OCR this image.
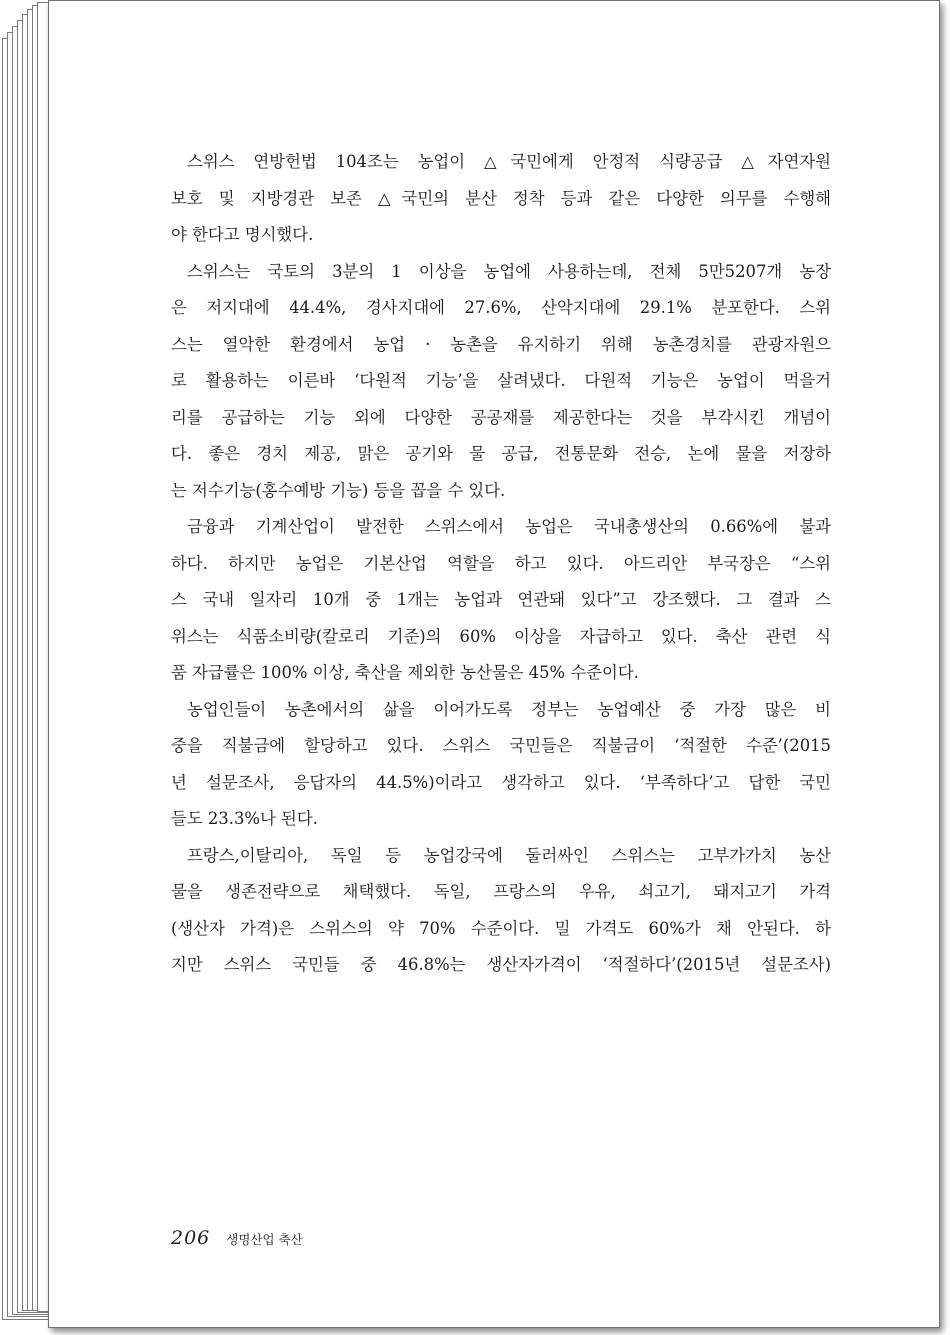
스위스 연방헌법 104조는 농업이 △국민에게 안정적 식량공급 △자연자원
보호 및 지방경관 보존 △국민의 분산 정착 등과 같은 다양한 의무를 수행해
야 한다고 명시했다.
스위스는 국토의 3분의 1 이상을 농업에 사용하는데, 전체 5만5207개 농장
은 저지대에 44.4%, 경사지대에 27.6%, 산악지대에 29.1% 분포한다. 스위
스는 열악한 환경에서 농업 · 농촌을 유지하기 위해 농촌경치를 관광자원으
로 활용하는 이른바 ‘다원적 기능’을 살려냈다. 다원적 기능은 농업이 먹을거
리를 공급하는 기능 외에 다양한 공공재를 제공한다는 것을 부각시킨 개념이
다. 좋은 경치 제공, 맑은 공기와 물 공급, 전통문화 전승, 논에 물을 저장하
는 저수기능(홍수예방 기능) 등을 꼽을 수 있다.
금융과 기계산업이 발전한 스위스에서 농업은 국내총생산의 0.66%에 불과
하다. 하지만 농업은 기본산업 역할을 하고 있다. 아드리안 부국장은 “스위
스 국내 일자리 10개 중 1개는 농업과 연관돼 있다”고 강조했다. 그 결과 스
위스는 식품소비량(칼로리 기준)의 60% 이상을 자급하고 있다. 축산 관련 식
품 자급률은 100% 이상, 축산을 제외한 농산물은 45% 수준이다.
농업인들이 농촌에서의 삶을 이어가도록 정부는 농업예산 중 가장 많은 비
중을 직불금에 할당하고 있다. 스위스 국민들은 직불금이 ‘적절한 수준’(2015
년 설문조사, 응답자의 44.5%)이라고 생각하고 있다. ‘부족하다’고 답한 국민
들도 23.3%나 된다.
프랑스,이탈리아, 독일 등 농업강국에 둘러싸인 스위스는 고부가가치 농산
물을 생존전략으로 채택했다. 독일, 프랑스의 우유, 쇠고기, 돼지고기 가격
(생산자 가격)은 스위스의 약 70% 수준이다. 밀 가격도 60%가 채 안된다. 하
지만 스위스 국민들 중 46.8%는 생산자가격이 ‘적절하다’(2015년 설문조사)
206 생명산업 축산
